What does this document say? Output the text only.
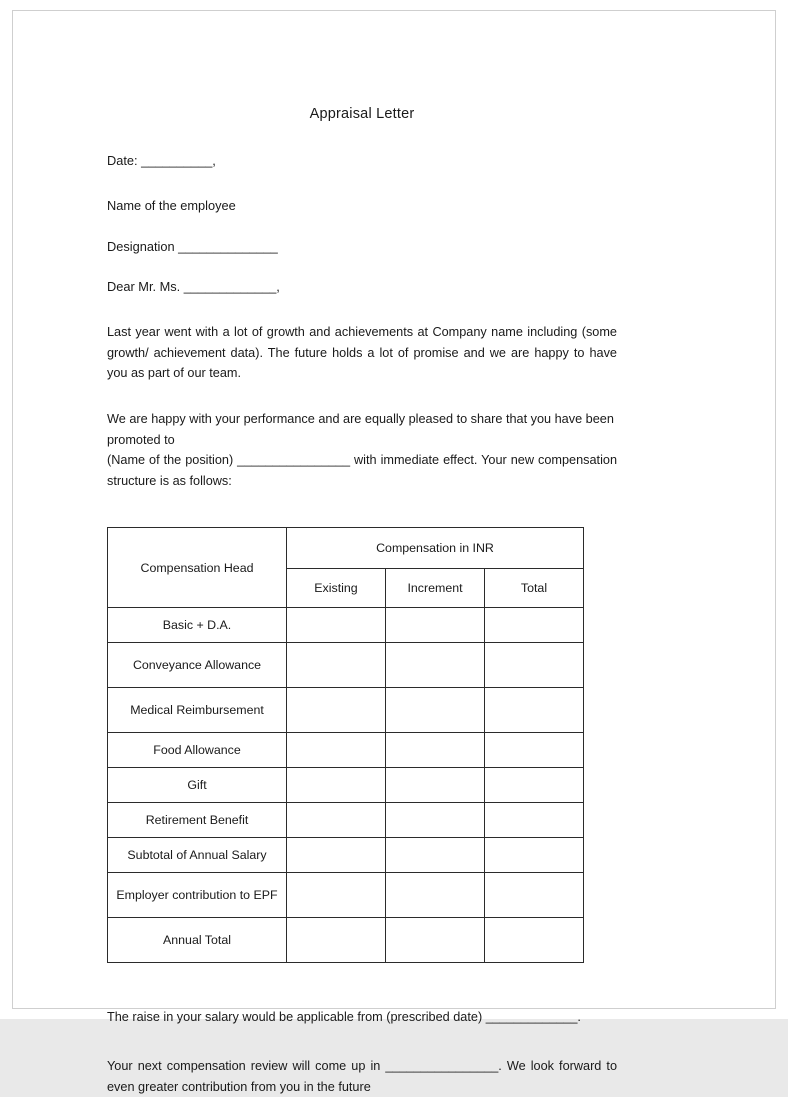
Appraisal Letter
Date: __________,
Name of the employee
Designation ______________
Dear Mr. Ms. _____________,
Last year went with a lot of growth and achievements at Company name including (some growth/ achievement data). The future holds a lot of promise and we are happy to have you as part of our team.
We are happy with your performance and are equally pleased to share that you have been promoted to
(Name of the position) ________________ with immediate effect. Your new compensation structure is as follows:
Compensation Head	Compensation in INR		
	Existing	Increment	Total
Basic + D.A.			
Conveyance Allowance			
Medical Reimbursement			
Food Allowance			
Gift			
Retirement Benefit			
Subtotal of Annual Salary			
Employer contribution to EPF			
Annual Total			
The raise in your salary would be applicable from (prescribed date) _____________.
Your next compensation review will come up in ________________. We look forward to even greater contribution from you in the future
